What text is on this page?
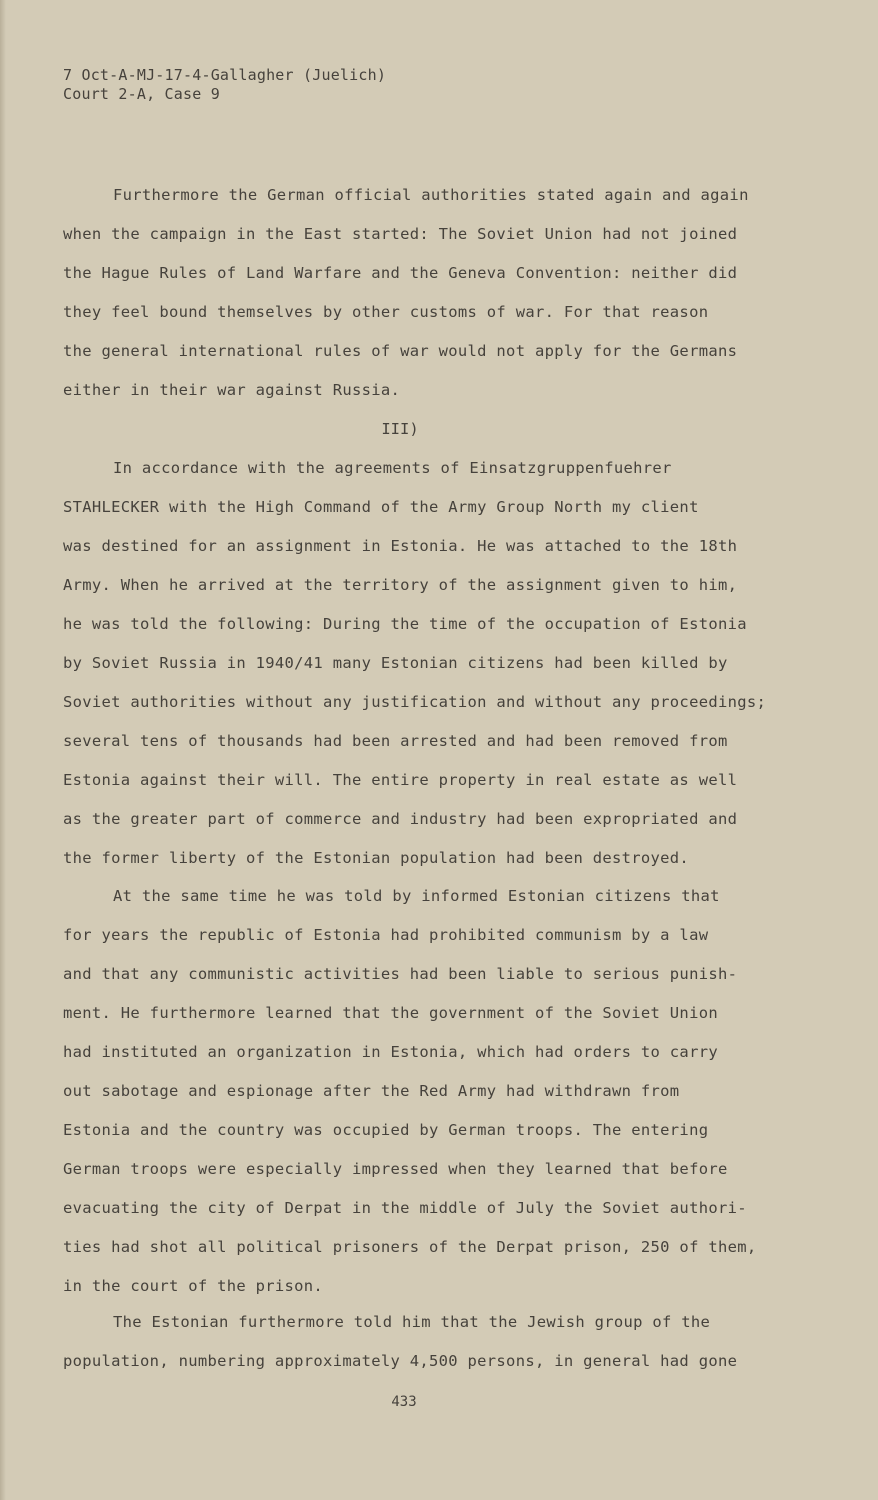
7 Oct-A-MJ-17-4-Gallagher (Juelich)
Court 2-A, Case 9
Furthermore the German official authorities stated again and again
when the campaign in the East started: The Soviet Union had not joined
the Hague Rules of Land Warfare and the Geneva Convention: neither did
they feel bound themselves by other customs of war. For that reason
the general international rules of war would not apply for the Germans
either in their war against Russia.
III)
In accordance with the agreements of Einsatzgruppenfuehrer
STAHLECKER with the High Command of the Army Group North my client
was destined for an assignment in Estonia. He was attached to the 18th
Army. When he arrived at the territory of the assignment given to him,
he was told the following: During the time of the occupation of Estonia
by Soviet Russia in 1940/41 many Estonian citizens had been killed by
Soviet authorities without any justification and without any proceedings;
several tens of thousands had been arrested and had been removed from
Estonia against their will. The entire property in real estate as well
as the greater part of commerce and industry had been expropriated and
the former liberty of the Estonian population had been destroyed.
At the same time he was told by informed Estonian citizens that
for years the republic of Estonia had prohibited communism by a law
and that any communistic activities had been liable to serious punish-
ment. He furthermore learned that the government of the Soviet Union
had instituted an organization in Estonia, which had orders to carry
out sabotage and espionage after the Red Army had withdrawn from
Estonia and the country was occupied by German troops. The entering
German troops were especially impressed when they learned that before
evacuating the city of Derpat in the middle of July the Soviet authori-
ties had shot all political prisoners of the Derpat prison, 250 of them,
in the court of the prison.
The Estonian furthermore told him that the Jewish group of the
population, numbering approximately 4,500 persons, in general had gone
433
